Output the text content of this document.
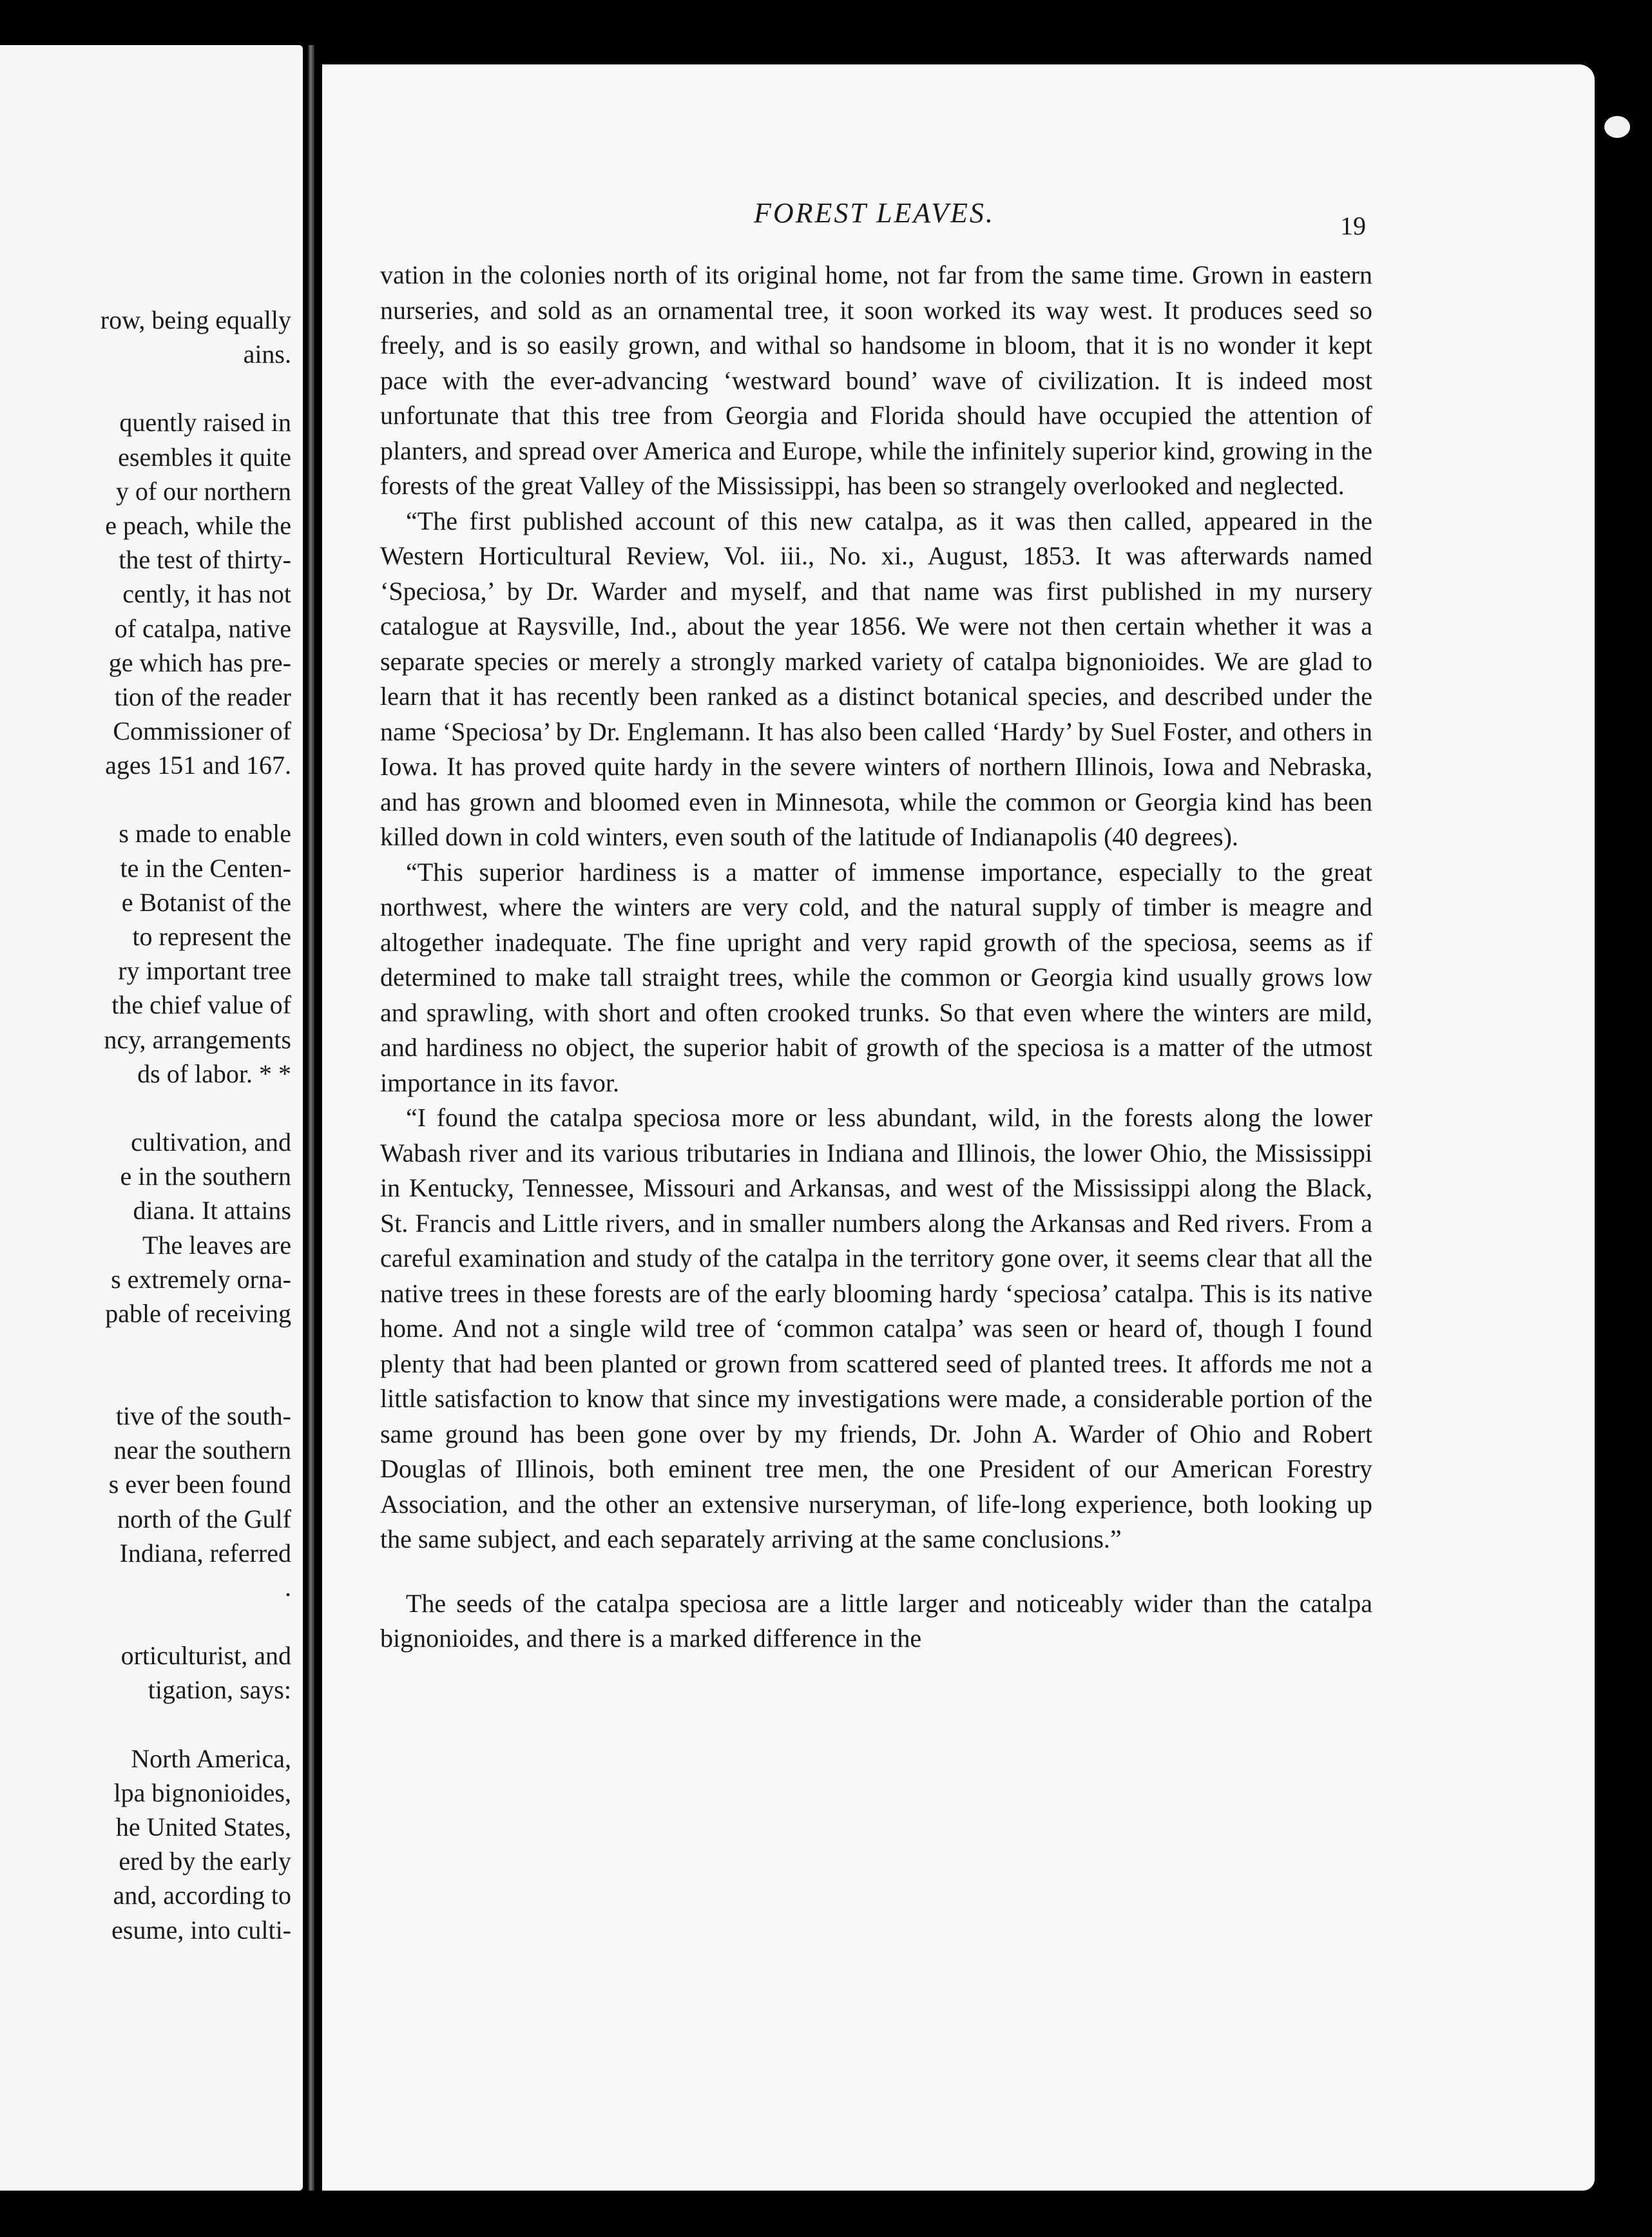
row, being equally
ains.
quently raised in
esembles it quite
y of our northern
e peach, while the
the test of thirty-
cently, it has not
of catalpa, native
ge which has pre-
tion of the reader
Commissioner of
ages 151 and 167.
s made to enable
te in the Centen-
e Botanist of the
to represent the
ry important tree
the chief value of
ncy, arrangements
ds of labor. * *
cultivation, and
e in the southern
diana. It attains
The leaves are
s extremely orna-
pable of receiving
tive of the south-
near the southern
s ever been found
north of the Gulf
Indiana, referred
.
orticulturist, and
tigation, says:
North America,
lpa bignonioides,
he United States,
ered by the early
and, according to
esume, into culti-
FOREST LEAVES.	19

vation in the colonies north of its original home, not far from the same time. Grown in eastern nurseries, and sold as an ornamental tree, it soon worked its way west. It produces seed so freely, and is so easily grown, and withal so handsome in bloom, that it is no wonder it kept pace with the ever-advancing ‘westward bound’ wave of civilization. It is indeed most unfortunate that this tree from Georgia and Florida should have occupied the attention of planters, and spread over America and Europe, while the infinitely superior kind, growing in the forests of the great Valley of the Mississippi, has been so strangely overlooked and neglected.

“The first published account of this new catalpa, as it was then called, appeared in the Western Horticultural Review, Vol. iii., No. xi., August, 1853. It was afterwards named ‘Speciosa,’ by Dr. Warder and myself, and that name was first published in my nursery catalogue at Raysville, Ind., about the year 1856. We were not then certain whether it was a separate species or merely a strongly marked variety of catalpa bignonioides. We are glad to learn that it has recently been ranked as a distinct botanical species, and described under the name ‘Speciosa’ by Dr. Englemann. It has also been called ‘Hardy’ by Suel Foster, and others in Iowa. It has proved quite hardy in the severe winters of northern Illinois, Iowa and Nebraska, and has grown and bloomed even in Minnesota, while the common or Georgia kind has been killed down in cold winters, even south of the latitude of Indianapolis (40 degrees).

“This superior hardiness is a matter of immense importance, especially to the great northwest, where the winters are very cold, and the natural supply of timber is meagre and altogether inadequate. The fine upright and very rapid growth of the speciosa, seems as if determined to make tall straight trees, while the common or Georgia kind usually grows low and sprawling, with short and often crooked trunks. So that even where the winters are mild, and hardiness no object, the superior habit of growth of the speciosa is a matter of the utmost importance in its favor.

“I found the catalpa speciosa more or less abundant, wild, in the forests along the lower Wabash river and its various tributaries in Indiana and Illinois, the lower Ohio, the Mississippi in Kentucky, Tennessee, Missouri and Arkansas, and west of the Mississippi along the Black, St. Francis and Little rivers, and in smaller numbers along the Arkansas and Red rivers. From a careful examination and study of the catalpa in the territory gone over, it seems clear that all the native trees in these forests are of the early blooming hardy ‘speciosa’ catalpa. This is its native home. And not a single wild tree of ‘common catalpa’ was seen or heard of, though I found plenty that had been planted or grown from scattered seed of planted trees. It affords me not a little satisfaction to know that since my investigations were made, a considerable portion of the same ground has been gone over by my friends, Dr. John A. Warder of Ohio and Robert Douglas of Illinois, both eminent tree men, the one President of our American Forestry Association, and the other an extensive nurseryman, of life-long experience, both looking up the same subject, and each separately arriving at the same conclusions.”

The seeds of the catalpa speciosa are a little larger and noticeably wider than the catalpa bignonioides, and there is a marked difference in the
